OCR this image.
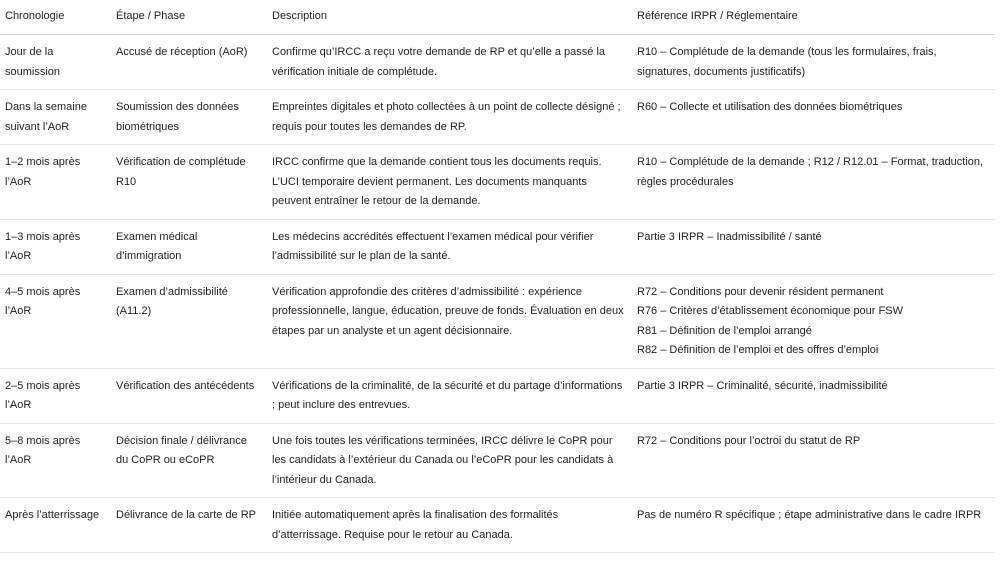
Chronologie	Étape / Phase	Description	Référence IRPR / Réglementaire
Jour de la soumission	Accusé de réception (AoR)	Confirme qu’IRCC a reçu votre demande de RP et qu’elle a passé la vérification initiale de complétude.	R10 – Complétude de la demande (tous les formulaires, frais, signatures, documents justificatifs)

Dans la semaine suivant l’AoR	Soumission des données biométriques	Empreintes digitales et photo collectées à un point de collecte désigné ; requis pour toutes les demandes de RP.	R60 – Collecte et utilisation des données biométriques

1–2 mois après l’AoR	Vérification de complétude R10	IRCC confirme que la demande contient tous les documents requis. L’UCI temporaire devient permanent. Les documents manquants peuvent entraîner le retour de la demande.	R10 – Complétude de la demande ; R12 / R12.01 – Format, traduction, règles procédurales

1–3 mois après l’AoR	Examen médical d’immigration	Les médecins accrédités effectuent l’examen médical pour vérifier l’admissibilité sur le plan de la santé.	Partie 3 IRPR – Inadmissibilité / santé

4–5 mois après l’AoR	Examen d’admissibilité (A11.2)	Vérification approfondie des critères d’admissibilité : expérience professionnelle, langue, éducation, preuve de fonds. Évaluation en deux étapes par un analyste et un agent décisionnaire.	R72 – Conditions pour devenir résident permanent
R76 – Critères d’établissement économique pour FSW
R81 – Définition de l’emploi arrangé
R82 – Définition de l’emploi et des offres d’emploi

2–5 mois après l’AoR	Vérification des antécédents	Vérifications de la criminalité, de la sécurité et du partage d’informations ; peut inclure des entrevues.	Partie 3 IRPR – Criminalité, sécurité, inadmissibilité

5–8 mois après l’AoR	Décision finale / délivrance du CoPR ou eCoPR	Une fois toutes les vérifications terminées, IRCC délivre le CoPR pour les candidats à l’extérieur du Canada ou l’eCoPR pour les candidats à l’intérieur du Canada.	R72 – Conditions pour l’octroi du statut de RP

Après l’atterrissage	Délivrance de la carte de RP	Initiée automatiquement après la finalisation des formalités d’atterrissage. Requise pour le retour au Canada.	Pas de numéro R spécifique ; étape administrative dans le cadre IRPR
